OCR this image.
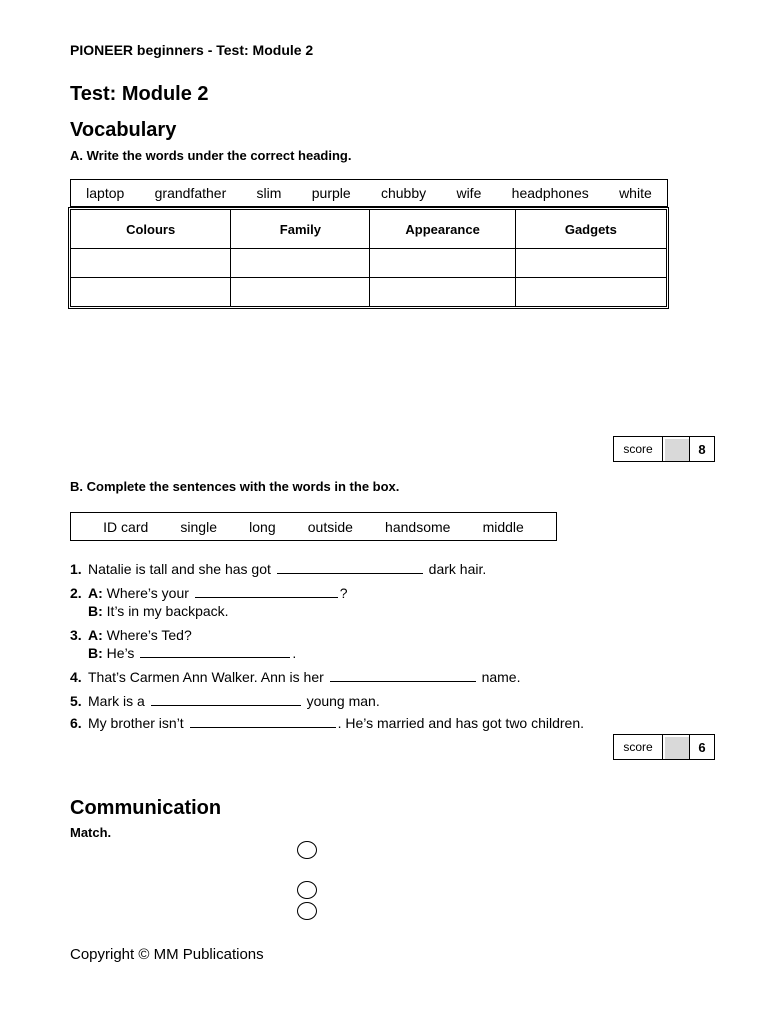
PIONEER beginners - Test: Module 2
Test: Module 2
Vocabulary
A. Write the words under the correct heading.
laptop grandfather slim purple chubby wife headphones white
Colours	Family	Appearance	Gadgets

score	8
B. Complete the sentences with the words in the box.
ID card single long outside handsome middle
1. Natalie is tall and she has got	dark hair.
2. A: Where’s your	?
B: It’s in my backpack.
3. A: Where’s Ted?
B: He’s	.
4. That’s Carmen Ann Walker. Ann is her	name.
5. Mark is a	young man.
6. My brother isn’t	. He’s married and has got two children.
score	6
Communication
Match.
Copyright © MM Publications
